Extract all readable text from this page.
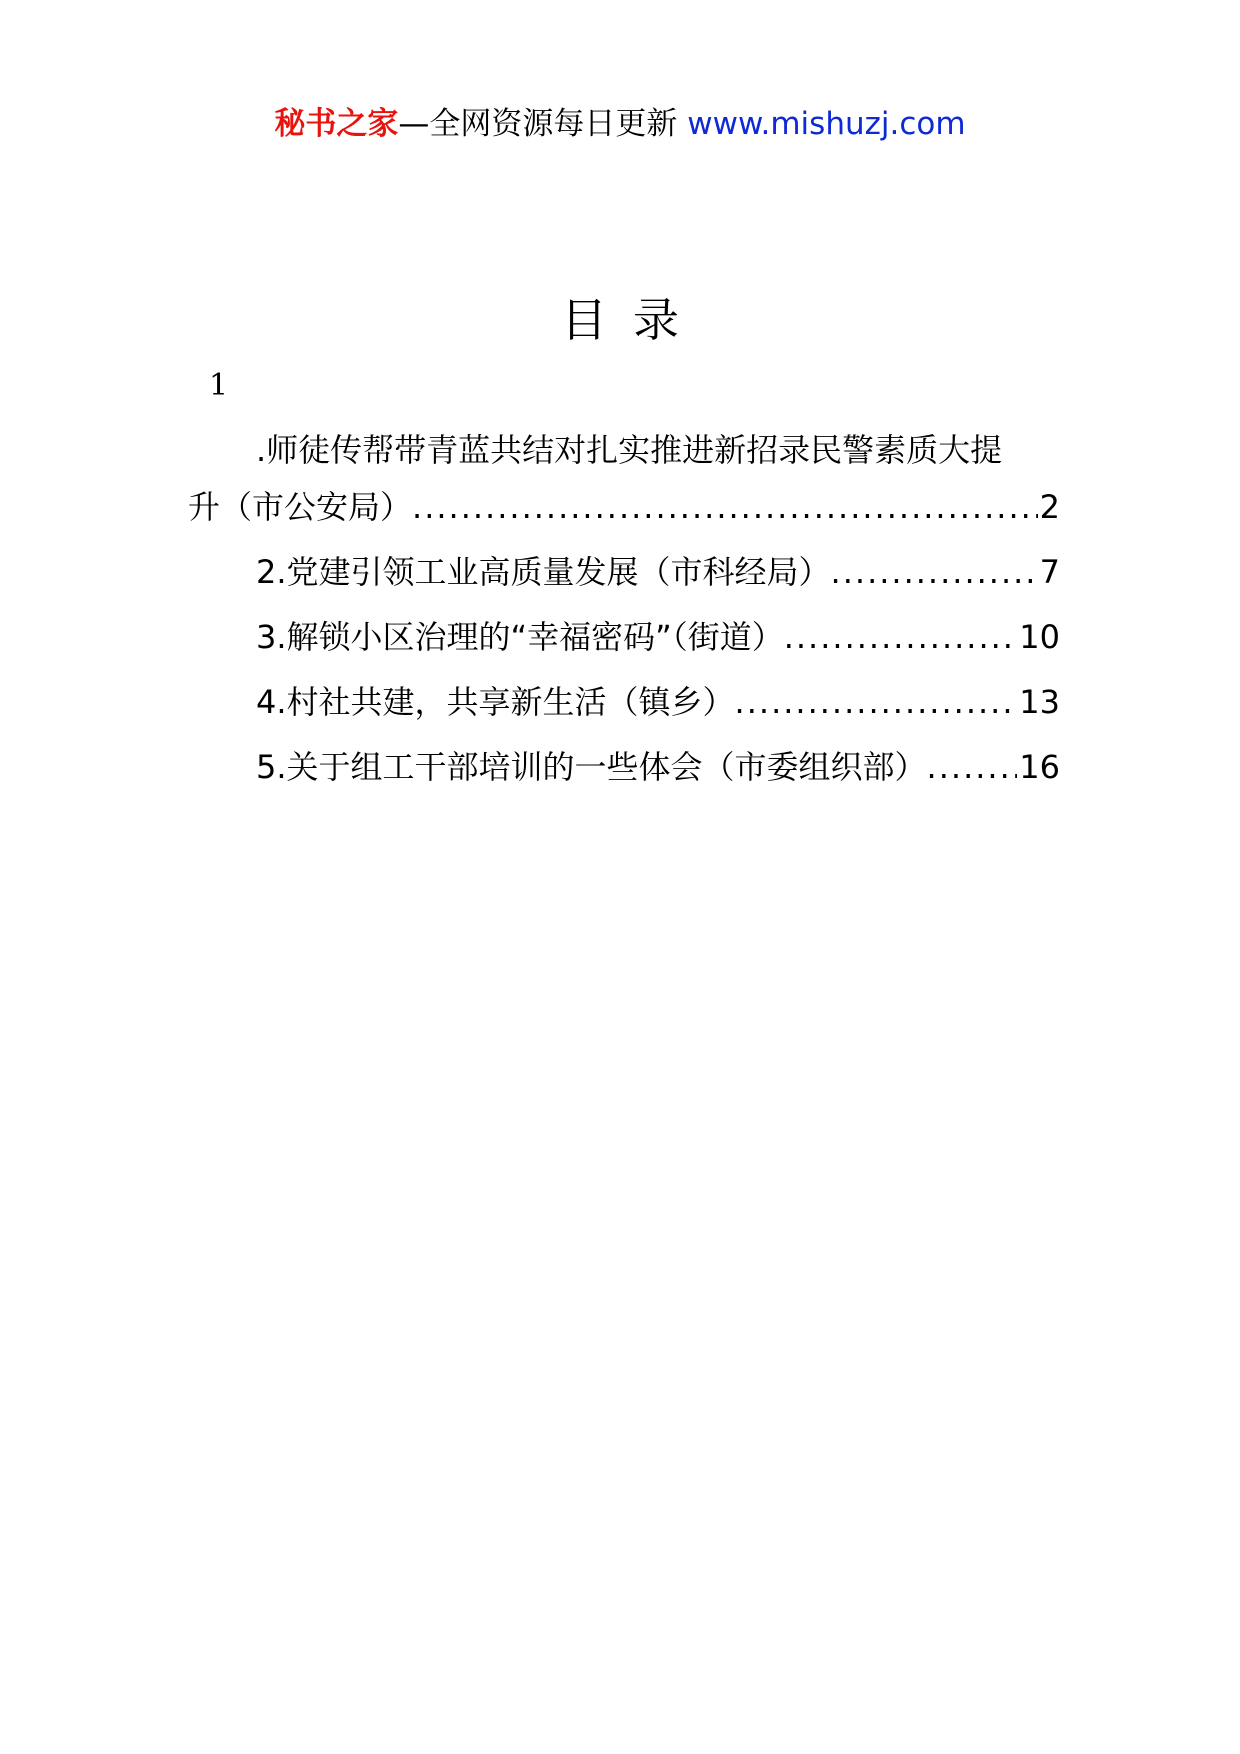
秘书之家—全网资源每日更新 www.mishuzj.com
目录
1
.师徒传帮带青蓝共结对扎实推进新招录民警素质大提
升（市公安局） .....	2
2.党建引领工业高质量发展（市科经局） .....	7
3.解锁小区治理的“幸福密码”（街道） .....	10
4.村社共建，共享新生活（镇乡） .....	13
5.关于组工干部培训的一些体会（市委组织部） .....	16
